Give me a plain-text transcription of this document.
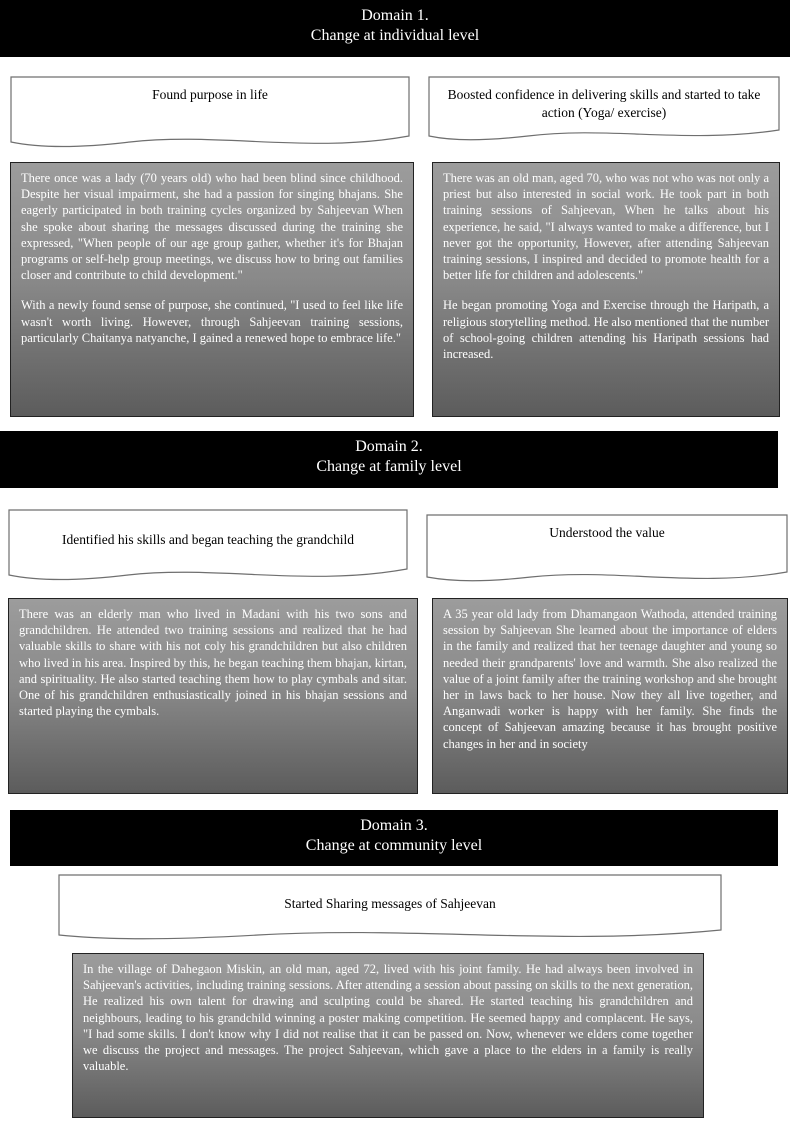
Domain 1.
Change at individual level
Found purpose in life	Boosted confidence in delivering skills and started to take action (Yoga/ exercise)

There once was a lady (70 years old) who had been blind since childhood. Despite her visual impairment, she had a passion for singing bhajans. She eagerly participated in both training cycles organized by Sahjeevan When she spoke about sharing the messages discussed during the training she expressed, "When people of our age group gather, whether it's for Bhajan programs or self-help group meetings, we discuss how to bring out families closer and contribute to child development."

With a newly found sense of purpose, she continued, "I used to feel like life wasn't worth living. However, through Sahjeevan training sessions, particularly Chaitanya natyanche, I gained a renewed hope to embrace life."

There was an old man, aged 70, who was not who was not only a priest but also interested in social work. He took part in both training sessions of Sahjeevan, When he talks about his experience, he said, "I always wanted to make a difference, but I never got the opportunity, However, after attending Sahjeevan training sessions, I inspired and decided to promote health for a better life for children and adolescents."

He began promoting Yoga and Exercise through the Haripath, a religious storytelling method. He also mentioned that the number of school-going children attending his Haripath sessions had increased.

Domain 2.
Change at family level
Identified his skills and began teaching the grandchild	Understood the value

There was an elderly man who lived in Madani with his two sons and grandchildren. He attended two training sessions and realized that he had valuable skills to share with his not coly his grandchildren but also children who lived in his area. Inspired by this, he began teaching them bhajan, kirtan, and spirituality. He also started teaching them how to play cymbals and sitar. One of his grandchildren enthusiastically joined in his bhajan sessions and started playing the cymbals.

A 35 year old lady from Dhamangaon Wathoda, attended training session by Sahjeevan She learned about the importance of elders in the family and realized that her teenage daughter and young so needed their grandparents' love and warmth. She also realized the value of a joint family after the training workshop and she brought her in laws back to her house. Now they all live together, and Anganwadi worker is happy with her family. She finds the concept of Sahjeevan amazing because it has brought positive changes in her and in society

Domain 3.
Change at community level
Started Sharing messages of Sahjeevan

In the village of Dahegaon Miskin, an old man, aged 72, lived with his joint family. He had always been involved in Sahjeevan's activities, including training sessions. After attending a session about passing on skills to the next generation, He realized his own talent for drawing and sculpting could be shared. He started teaching his grandchildren and neighbours, leading to his grandchild winning a poster making competition. He seemed happy and complacent. He says, "I had some skills. I don't know why I did not realise that it can be passed on. Now, whenever we elders come together we discuss the project and messages. The project Sahjeevan, which gave a place to the elders in a family is really valuable.
